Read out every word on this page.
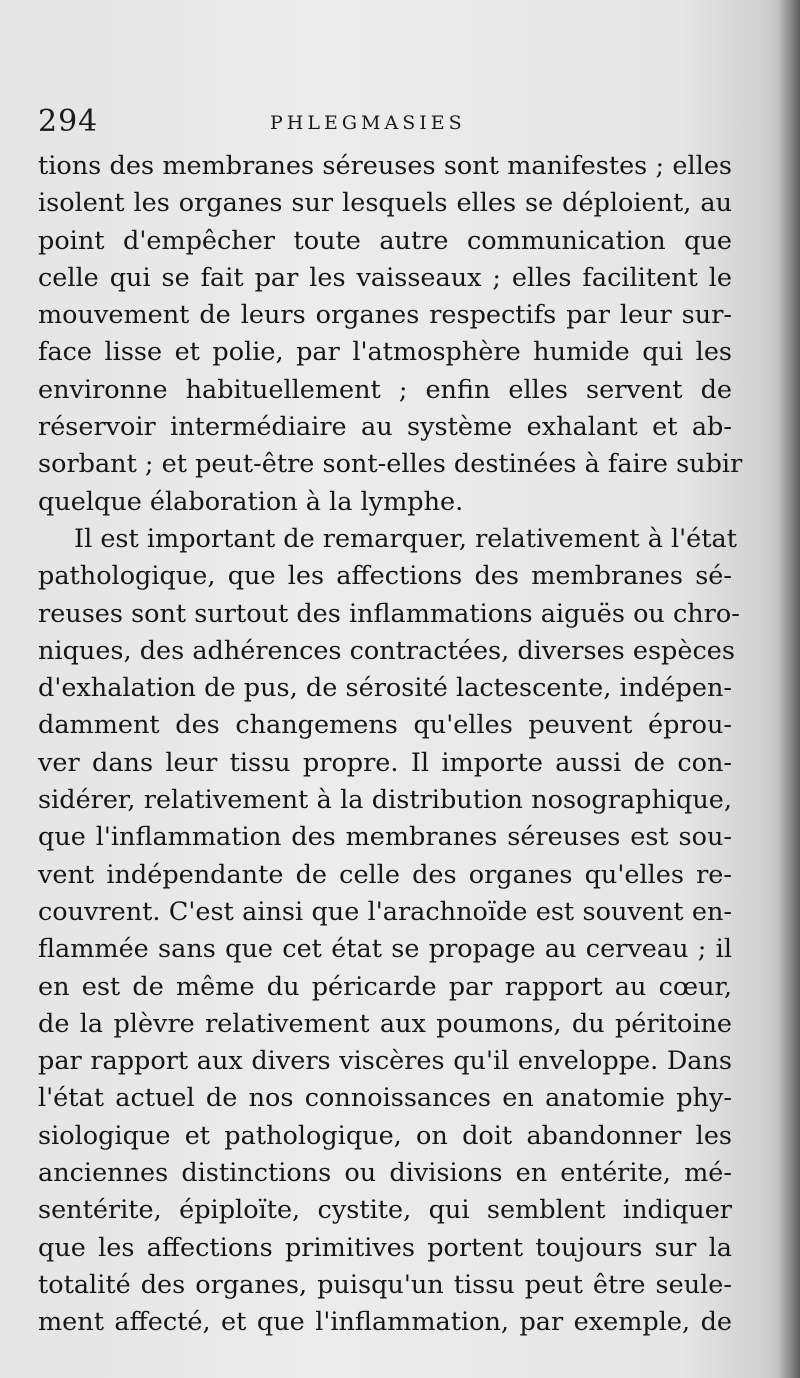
294	PHLEGMASIES
tions des membranes séreuses sont manifestes ; elles
isolent les organes sur lesquels elles se déploient, au
point d'empêcher toute autre communication que
celle qui se fait par les vaisseaux ; elles facilitent le
mouvement de leurs organes respectifs par leur sur-
face lisse et polie, par l'atmosphère humide qui les
environne habituellement ; enfin elles servent de
réservoir intermédiaire au système exhalant et ab-
sorbant ; et peut-être sont-elles destinées à faire subir
quelque élaboration à la lymphe.
Il est important de remarquer, relativement à l'état
pathologique, que les affections des membranes sé-
reuses sont surtout des inflammations aiguës ou chro-
niques, des adhérences contractées, diverses espèces
d'exhalation de pus, de sérosité lactescente, indépen-
damment des changemens qu'elles peuvent éprou-
ver dans leur tissu propre. Il importe aussi de con-
sidérer, relativement à la distribution nosographique,
que l'inflammation des membranes séreuses est sou-
vent indépendante de celle des organes qu'elles re-
couvrent. C'est ainsi que l'arachnoïde est souvent en-
flammée sans que cet état se propage au cerveau ; il
en est de même du péricarde par rapport au cœur,
de la plèvre relativement aux poumons, du péritoine
par rapport aux divers viscères qu'il enveloppe. Dans
l'état actuel de nos connoissances en anatomie phy-
siologique et pathologique, on doit abandonner les
anciennes distinctions ou divisions en entérite, mé-
sentérite, épiploïte, cystite, qui semblent indiquer
que les affections primitives portent toujours sur la
totalité des organes, puisqu'un tissu peut être seule-
ment affecté, et que l'inflammation, par exemple, de
